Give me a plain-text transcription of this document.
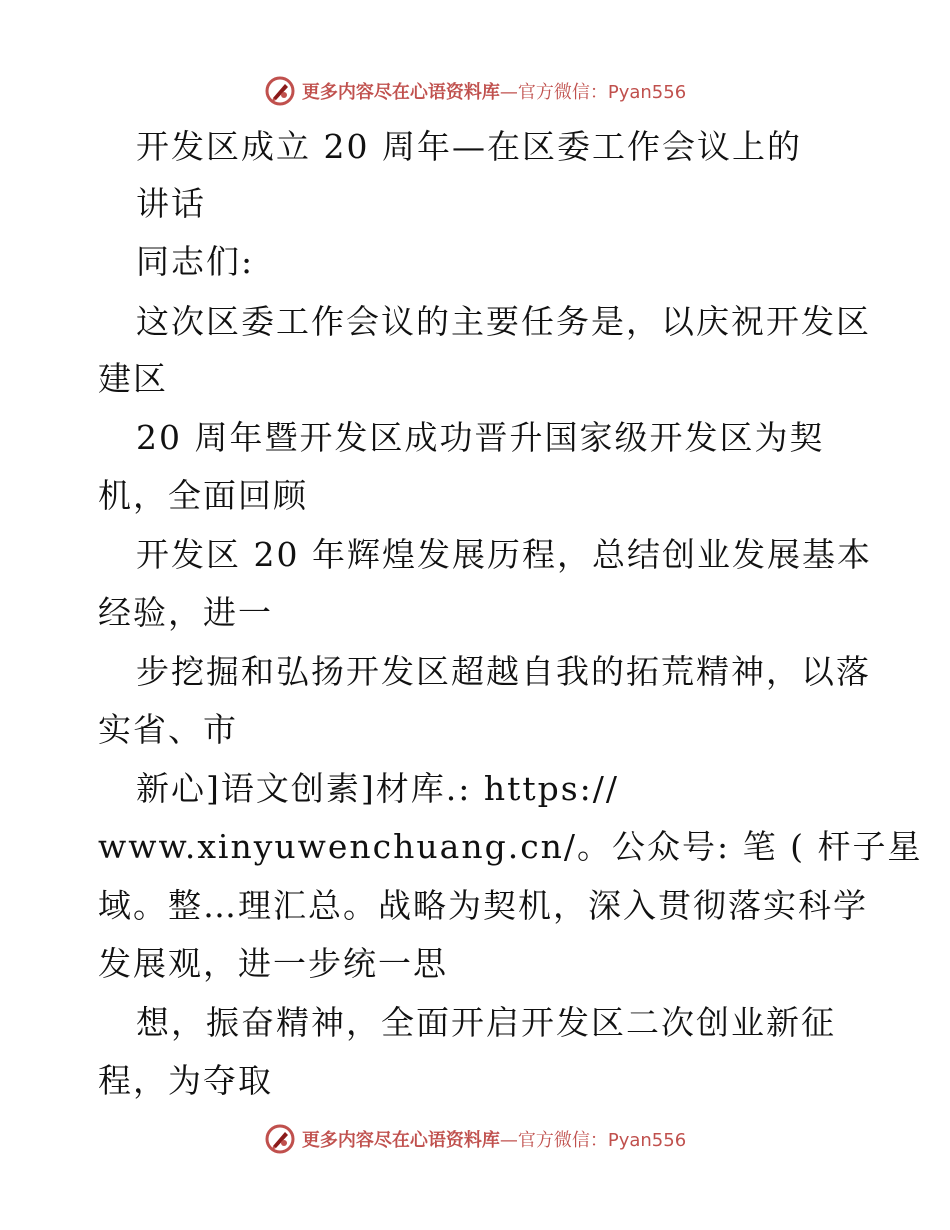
更多内容尽在心语资料库—官方微信：Pyan556
开发区成立 20 周年—在区委工作会议上的
讲话
同志们:
这次区委工作会议的主要任务是，以庆祝开发区
建区
20 周年暨开发区成功晋升国家级开发区为契
机，全面回顾
开发区 20 年辉煌发展历程，总结创业发展基本
经验，进一
步挖掘和弘扬开发区超越自我的拓荒精神，以落
实省、市
新心]语文创素]材库.: https://
www.xinyuwenchuang.cn/。公众号: 笔 ( 杆子星
域。整…理汇总。战略为契机，深入贯彻落实科学
发展观，进一步统一思
想，振奋精神，全面开启开发区二次创业新征
程，为夺取
更多内容尽在心语资料库—官方微信：Pyan556
